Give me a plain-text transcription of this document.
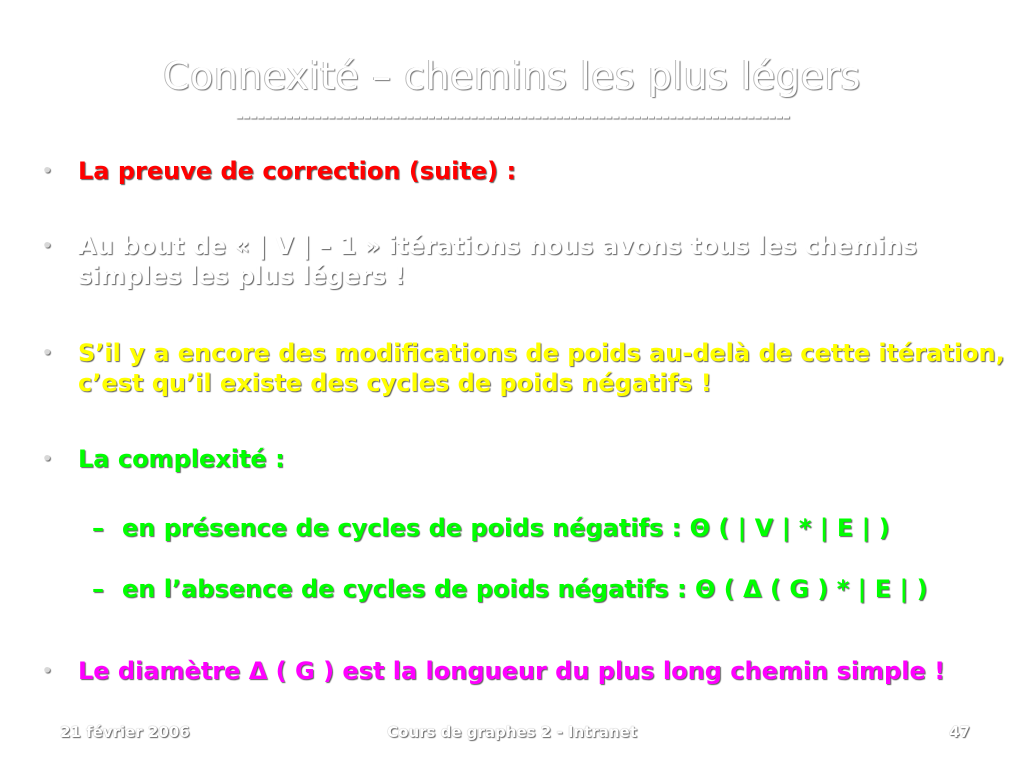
Connexité – chemins les plus légers
------------------------------------------------------------------------------
• La preuve de correction (suite) :
• Au bout de « | V | – 1 » itérations nous avons tous les chemins simples les plus légers !
• S’il y a encore des modifications de poids au-delà de cette itération, c’est qu’il existe des cycles de poids négatifs !
• La complexité :
– en présence de cycles de poids négatifs : Θ ( | V | * | E | )
– en l’absence de cycles de poids négatifs : Θ ( Δ ( G ) * | E | )
• Le diamètre Δ ( G ) est la longueur du plus long chemin simple !
21 février 2006	Cours de graphes 2 - Intranet	47
